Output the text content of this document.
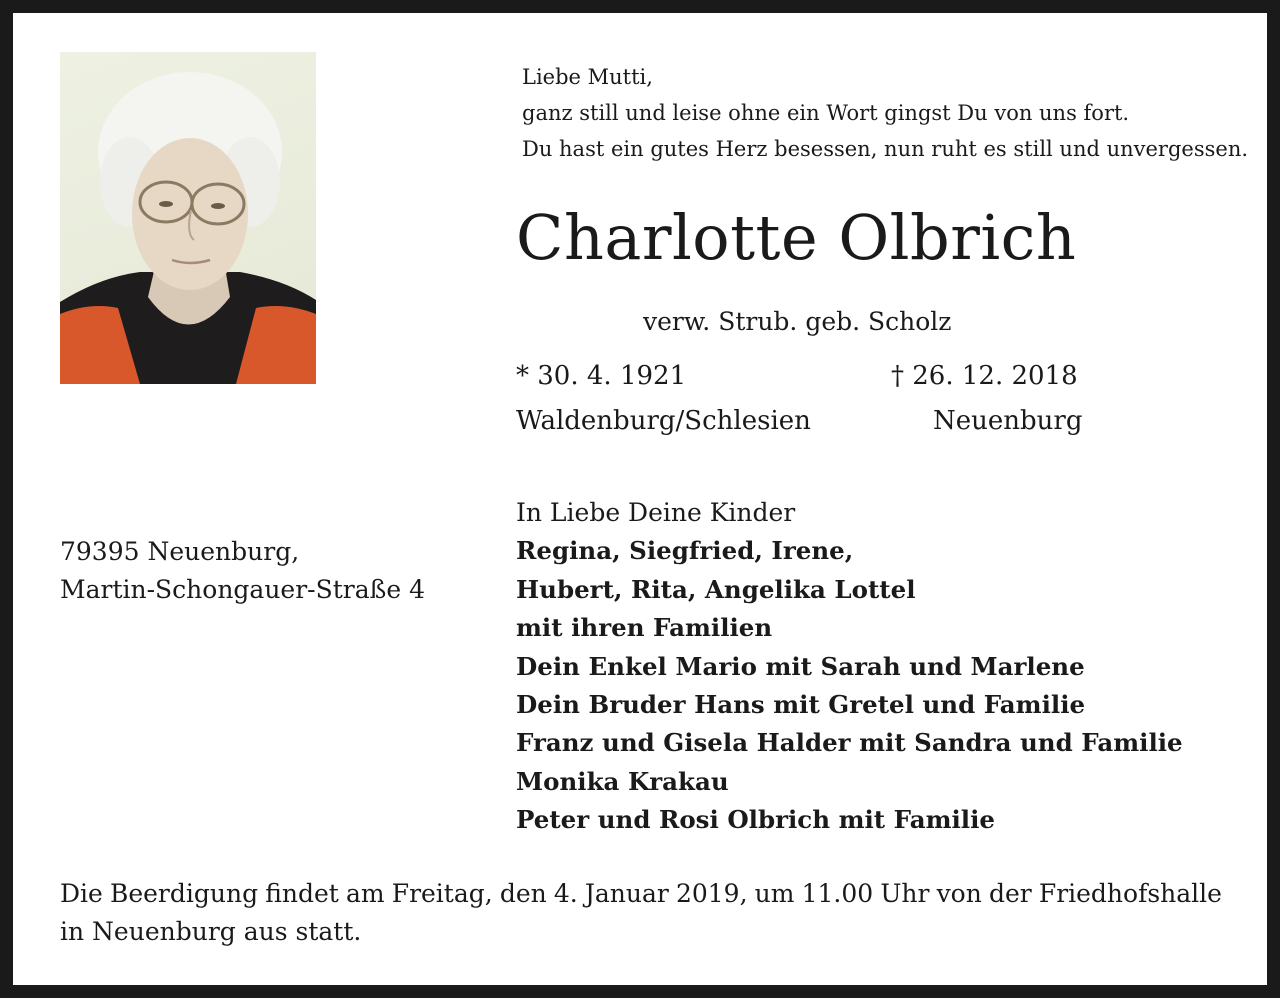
Liebe Mutti,
ganz still und leise ohne ein Wort gingst Du von uns fort.
Du hast ein gutes Herz besessen, nun ruht es still und unvergessen.
Charlotte Olbrich
verw. Strub. geb. Scholz
* 30. 4. 1921	† 26. 12. 2018
Waldenburg/Schlesien	Neuenburg
79395 Neuenburg,
Martin-Schongauer-Straße 4
In Liebe Deine Kinder
Regina, Siegfried, Irene,
Hubert, Rita, Angelika Lottel
mit ihren Familien
Dein Enkel Mario mit Sarah und Marlene
Dein Bruder Hans mit Gretel und Familie
Franz und Gisela Halder mit Sandra und Familie
Monika Krakau
Peter und Rosi Olbrich mit Familie
Die Beerdigung findet am Freitag, den 4. Januar 2019, um 11.00 Uhr von der Friedhofshalle
in Neuenburg aus statt.
